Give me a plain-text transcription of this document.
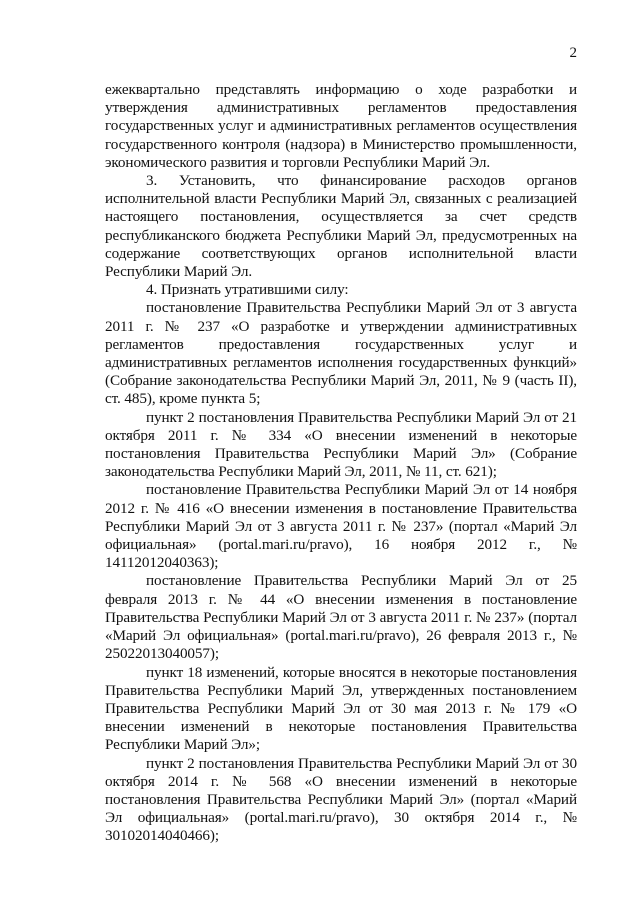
2

ежеквартально представлять информацию о ходе разработки и утверждения административных регламентов предоставления государственных услуг и административных регламентов осуществления государственного контроля (надзора) в Министерство промышленности, экономического развития и торговли Республики Марий Эл.

3. Установить, что финансирование расходов органов исполнительной власти Республики Марий Эл, связанных с реализацией настоящего постановления, осуществляется за счет средств республиканского бюджета Республики Марий Эл, предусмотренных на содержание соответствующих органов исполнительной власти Республики Марий Эл.

4. Признать утратившими силу:

постановление Правительства Республики Марий Эл от 3 августа 2011 г. № 237 «О разработке и утверждении административных регламентов предоставления государственных услуг и административных регламентов исполнения государственных функций» (Собрание законодательства Республики Марий Эл, 2011, № 9 (часть II), ст. 485), кроме пункта 5;

пункт 2 постановления Правительства Республики Марий Эл от 21 октября 2011 г. № 334 «О внесении изменений в некоторые постановления Правительства Республики Марий Эл» (Собрание законодательства Республики Марий Эл, 2011, № 11, ст. 621);

постановление Правительства Республики Марий Эл от 14 ноября 2012 г. № 416 «О внесении изменения в постановление Правительства Республики Марий Эл от 3 августа 2011 г. № 237» (портал «Марий Эл официальная» (portal.mari.ru/pravo), 16 ноября 2012 г., № 14112012040363);

постановление Правительства Республики Марий Эл от 25 февраля 2013 г. № 44 «О внесении изменения в постановление Правительства Республики Марий Эл от 3 августа 2011 г. № 237» (портал «Марий Эл официальная» (portal.mari.ru/pravo), 26 февраля 2013 г., № 25022013040057);

пункт 18 изменений, которые вносятся в некоторые постановления Правительства Республики Марий Эл, утвержденных постановлением Правительства Республики Марий Эл от 30 мая 2013 г. № 179 «О внесении изменений в некоторые постановления Правительства Республики Марий Эл»;

пункт 2 постановления Правительства Республики Марий Эл от 30 октября 2014 г. № 568 «О внесении изменений в некоторые постановления Правительства Республики Марий Эл» (портал «Марий Эл официальная» (portal.mari.ru/pravo), 30 октября 2014 г., № 30102014040466);
